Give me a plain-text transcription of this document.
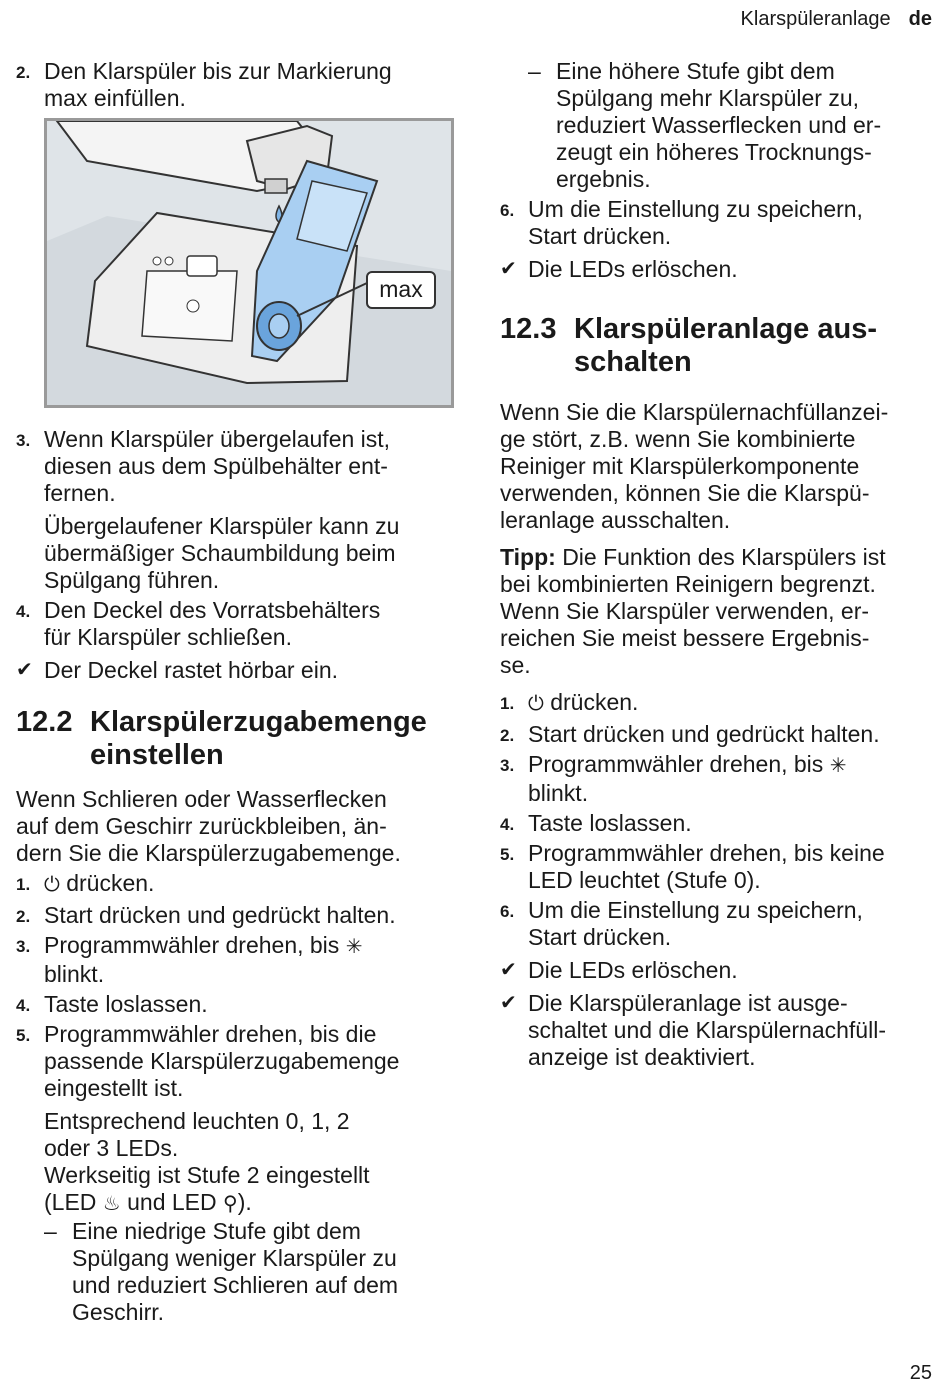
Klarspüleranlage de
2. Den Klarspüler bis zur Markierung
max einfüllen.
max
3. Wenn Klarspüler übergelaufen ist,
diesen aus dem Spülbehälter ent-
fernen.
Übergelaufener Klarspüler kann zu
übermäßiger Schaumbildung beim
Spülgang führen.
4. Den Deckel des Vorratsbehälters
für Klarspüler schließen.
✔ Der Deckel rastet hörbar ein.
12.2 Klarspülerzugabemenge
einstellen
Wenn Schlieren oder Wasserflecken
auf dem Geschirr zurückbleiben, än-
dern Sie die Klarspülerzugabemenge.
1. ⏻ drücken.
2. Start drücken und gedrückt halten.
3. Programmwähler drehen, bis ✳
blinkt.
4. Taste loslassen.
5. Programmwähler drehen, bis die
passende Klarspülerzugabemenge
eingestellt ist.
Entsprechend leuchten 0, 1, 2
oder 3 LEDs.
Werkseitig ist Stufe 2 eingestellt
(LED ♨ und LED ⚲).
– Eine niedrige Stufe gibt dem
Spülgang weniger Klarspüler zu
und reduziert Schlieren auf dem
Geschirr.
– Eine höhere Stufe gibt dem
Spülgang mehr Klarspüler zu,
reduziert Wasserflecken und er-
zeugt ein höheres Trocknungs-
ergebnis.
6. Um die Einstellung zu speichern,
Start drücken.
✔ Die LEDs erlöschen.
12.3 Klarspüleranlage aus-
schalten
Wenn Sie die Klarspülernachfüllanzei-
ge stört, z.B. wenn Sie kombinierte
Reiniger mit Klarspülerkomponente
verwenden, können Sie die Klarspü-
leranlage ausschalten.
Tipp: Die Funktion des Klarspülers ist
bei kombinierten Reinigern begrenzt.
Wenn Sie Klarspüler verwenden, er-
reichen Sie meist bessere Ergebnis-
se.
1. ⏻ drücken.
2. Start drücken und gedrückt halten.
3. Programmwähler drehen, bis ✳
blinkt.
4. Taste loslassen.
5. Programmwähler drehen, bis keine
LED leuchtet (Stufe 0).
6. Um die Einstellung zu speichern,
Start drücken.
✔ Die LEDs erlöschen.
✔ Die Klarspüleranlage ist ausge-
schaltet und die Klarspülernachfüll-
anzeige ist deaktiviert.
25
